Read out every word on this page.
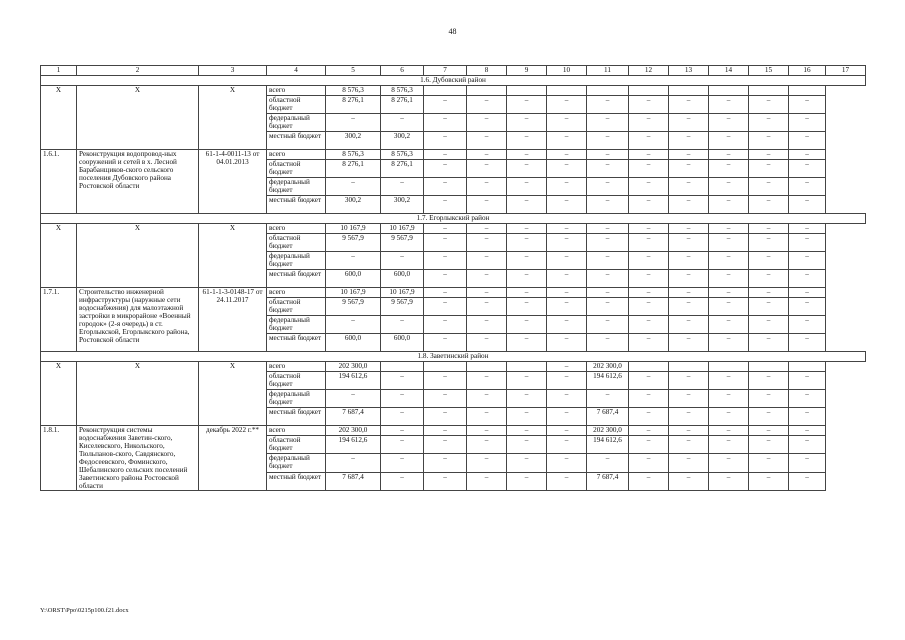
48
1	2	3	4	5	6	7	8	9	10	11	12	13	14	15	16	17
1.6. Дубовский район																
Х	Х	Х	всего	8 576,3	8 576,3											
			областной бюджет	8 276,1	8 276,1	–	–	–	–	–	–	–	–	–	–	
			федеральный бюджет	–	–	–	–	–	–	–	–	–	–	–	–	
			местный бюджет	300,2	300,2	–	–	–	–	–	–	–	–	–	–	
1.6.1.	Реконструкция водопровод-ных сооружений и сетей в х. Лесной Барабанщиков-ского сельского поселения Дубовского района Ростовской области	61-1-4-0011-13 от 04.01.2013	всего	8 576,3	8 576,3	–	–	–	–	–	–	–	–	–	–	
			областной бюджет	8 276,1	8 276,1	–	–	–	–	–	–	–	–	–	–	
			федеральный бюджет	–	–	–	–	–	–	–	–	–	–	–	–	
			местный бюджет	300,2	300,2	–	–	–	–	–	–	–	–	–	–	
1.7. Егорлыкский район																
Х	Х	Х	всего	10 167,9	10 167,9	–	–	–	–	–	–	–	–	–	–	
			областной бюджет	9 567,9	9 567,9	–	–	–	–	–	–	–	–	–	–	
			федеральный бюджет	–	–	–	–	–	–	–	–	–	–	–	–	
			местный бюджет	600,0	600,0	–	–	–	–	–	–	–	–	–	–	
1.7.1.	Строительство инженерной инфраструктуры (наружные сети водоснабжения) для малоэтажной застройки в микрорайоне «Военный городок» (2-я очередь) в ст. Егорлыкской, Егорлыкского района, Ростовской области	61-1-1-3-0148-17 от 24.11.2017	всего	10 167,9	10 167,9	–	–	–	–	–	–	–	–	–	–	
			областной бюджет	9 567,9	9 567,9	–	–	–	–	–	–	–	–	–	–	
			федеральный бюджет	–	–	–	–	–	–	–	–	–	–	–	–	
			местный бюджет	600,0	600,0	–	–	–	–	–	–	–	–	–	–	
1.8. Заветинский район																
Х	Х	Х	всего	202 300,0					–	202 300,0						
			областной бюджет	194 612,6	–	–	–	–	–	194 612,6	–	–	–	–	–	
			федеральный бюджет	–	–	–	–	–	–	–	–	–	–	–	–	
			местный бюджет	7 687,4	–	–	–	–	–	7 687,4	–	–	–	–	–	
1.8.1.	Реконструкция системы водоснабжения Заветин-ского, Киселевского, Никольского, Тюльпанов-ского, Савдянского, Федосеевского, Фоминского, Шебалинского сельских поселений Заветинского района Ростовской области	декабрь 2022 г.**	всего	202 300,0	–	–	–	–	–	202 300,0	–	–	–	–	–	
			областной бюджет	194 612,6	–	–	–	–	–	194 612,6	–	–	–	–	–	
			федеральный бюджет	–	–	–	–	–	–	–	–	–	–	–	–	
			местный бюджет	7 687,4	–	–	–	–	–	7 687,4	–	–	–	–	–	
Y:\ORST\Ppo\0215p100.f21.docx
